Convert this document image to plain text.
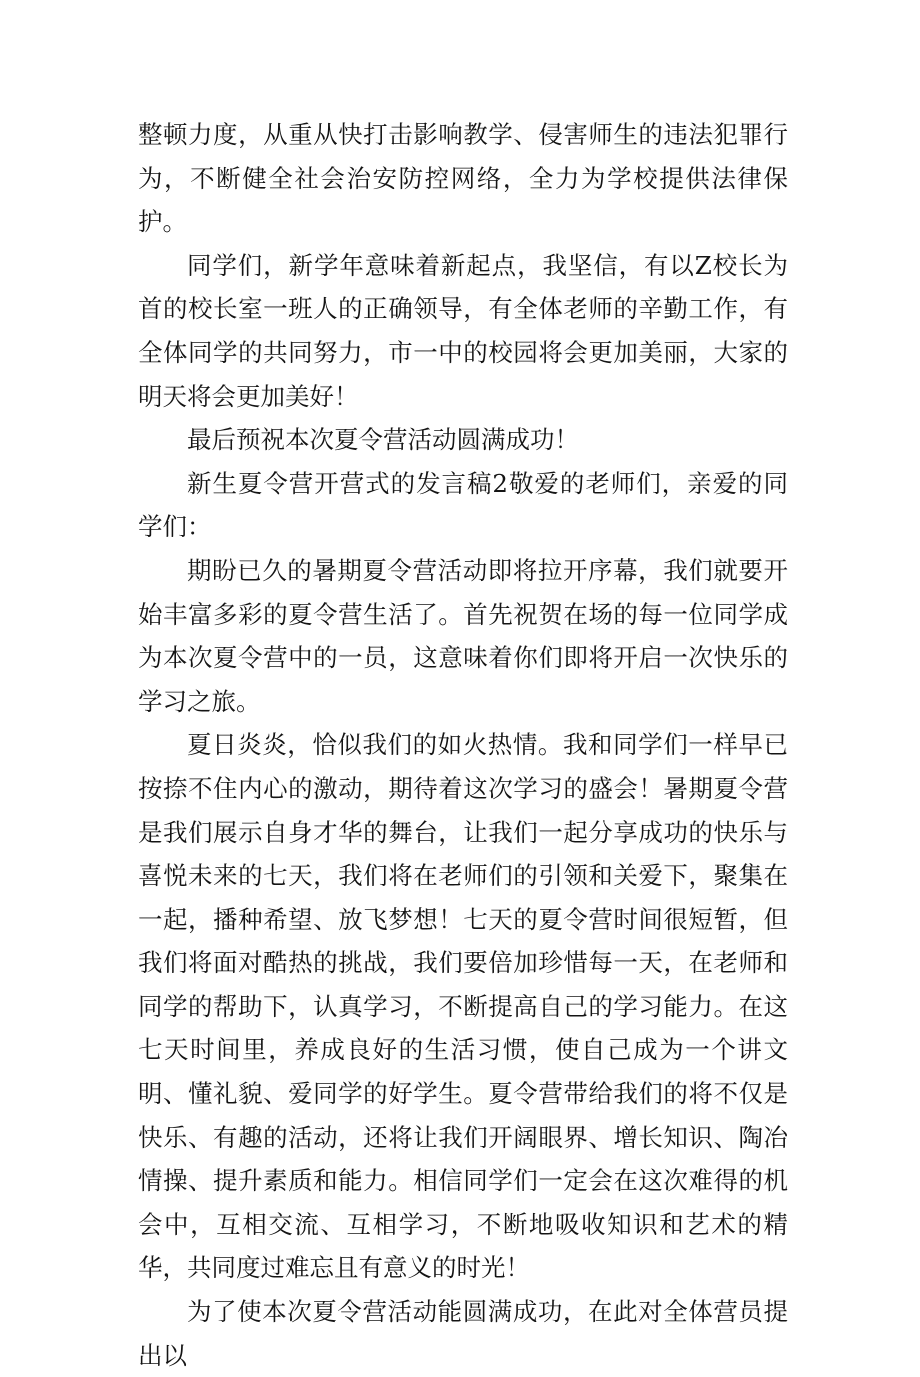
整顿力度，从重从快打击影响教学、侵害师生的违法犯罪行为，不断健全社会治安防控网络，全力为学校提供法律保护。

同学们，新学年意味着新起点，我坚信，有以Z校长为首的校长室一班人的正确领导，有全体老师的辛勤工作，有全体同学的共同努力，市一中的校园将会更加美丽，大家的明天将会更加美好！

最后预祝本次夏令营活动圆满成功！

新生夏令营开营式的发言稿2敬爱的老师们，亲爱的同学们：

期盼已久的暑期夏令营活动即将拉开序幕，我们就要开始丰富多彩的夏令营生活了。首先祝贺在场的每一位同学成为本次夏令营中的一员，这意味着你们即将开启一次快乐的学习之旅。

夏日炎炎，恰似我们的如火热情。我和同学们一样早已按捺不住内心的激动，期待着这次学习的盛会！暑期夏令营是我们展示自身才华的舞台，让我们一起分享成功的快乐与喜悦未来的七天，我们将在老师们的引领和关爱下，聚集在一起，播种希望、放飞梦想！七天的夏令营时间很短暂，但我们将面对酷热的挑战，我们要倍加珍惜每一天，在老师和同学的帮助下，认真学习，不断提高自己的学习能力。在这七天时间里，养成良好的生活习惯，使自己成为一个讲文明、懂礼貌、爱同学的好学生。夏令营带给我们的将不仅是快乐、有趣的活动，还将让我们开阔眼界、增长知识、陶冶情操、提升素质和能力。相信同学们一定会在这次难得的机会中，互相交流、互相学习，不断地吸收知识和艺术的精华，共同度过难忘且有意义的时光！

为了使本次夏令营活动能圆满成功，在此对全体营员提出以
